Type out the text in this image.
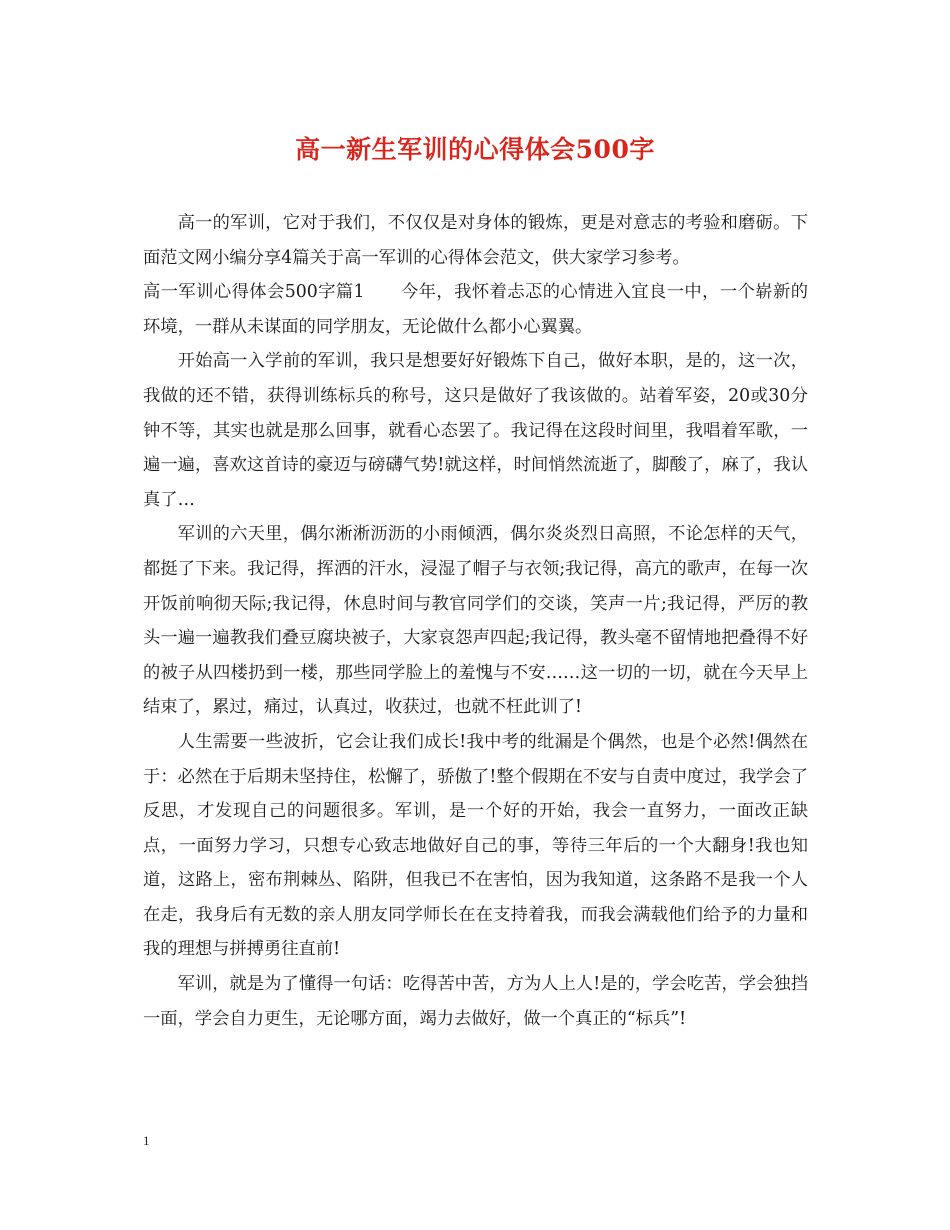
高一新生军训的心得体会500字

高一的军训，它对于我们，不仅仅是对身体的锻炼，更是对意志的考验和磨砺。下面范文网小编分享4篇关于高一军训的心得体会范文，供大家学习参考。

高一军训心得体会500字篇1 今年，我怀着忐忑的心情进入宜良一中，一个崭新的环境，一群从未谋面的同学朋友，无论做什么都小心翼翼。

开始高一入学前的军训，我只是想要好好锻炼下自己，做好本职，是的，这一次，我做的还不错，获得训练标兵的称号，这只是做好了我该做的。站着军姿，20或30分钟不等，其实也就是那么回事，就看心态罢了。我记得在这段时间里，我唱着军歌，一遍一遍，喜欢这首诗的豪迈与磅礴气势!就这样，时间悄然流逝了，脚酸了，麻了，我认真了…

军训的六天里，偶尔淅淅沥沥的小雨倾洒，偶尔炎炎烈日高照，不论怎样的天气，都挺了下来。我记得，挥洒的汗水，浸湿了帽子与衣领;我记得，高亢的歌声，在每一次开饭前响彻天际;我记得，休息时间与教官同学们的交谈，笑声一片;我记得，严厉的教头一遍一遍教我们叠豆腐块被子，大家哀怨声四起;我记得，教头毫不留情地把叠得不好的被子从四楼扔到一楼，那些同学脸上的羞愧与不安……这一切的一切，就在今天早上结束了，累过，痛过，认真过，收获过，也就不枉此训了!

人生需要一些波折，它会让我们成长!我中考的纰漏是个偶然，也是个必然!偶然在于：必然在于后期未坚持住，松懈了，骄傲了!整个假期在不安与自责中度过，我学会了反思，才发现自己的问题很多。军训，是一个好的开始，我会一直努力，一面改正缺点，一面努力学习，只想专心致志地做好自己的事，等待三年后的一个大翻身!我也知道，这路上，密布荆棘丛、陷阱，但我已不在害怕，因为我知道，这条路不是我一个人在走，我身后有无数的亲人朋友同学师长在在支持着我，而我会满载他们给予的力量和我的理想与拼搏勇往直前!

军训，就是为了懂得一句话：吃得苦中苦，方为人上人!是的，学会吃苦，学会独挡一面，学会自力更生，无论哪方面，竭力去做好，做一个真正的“标兵”!

1
